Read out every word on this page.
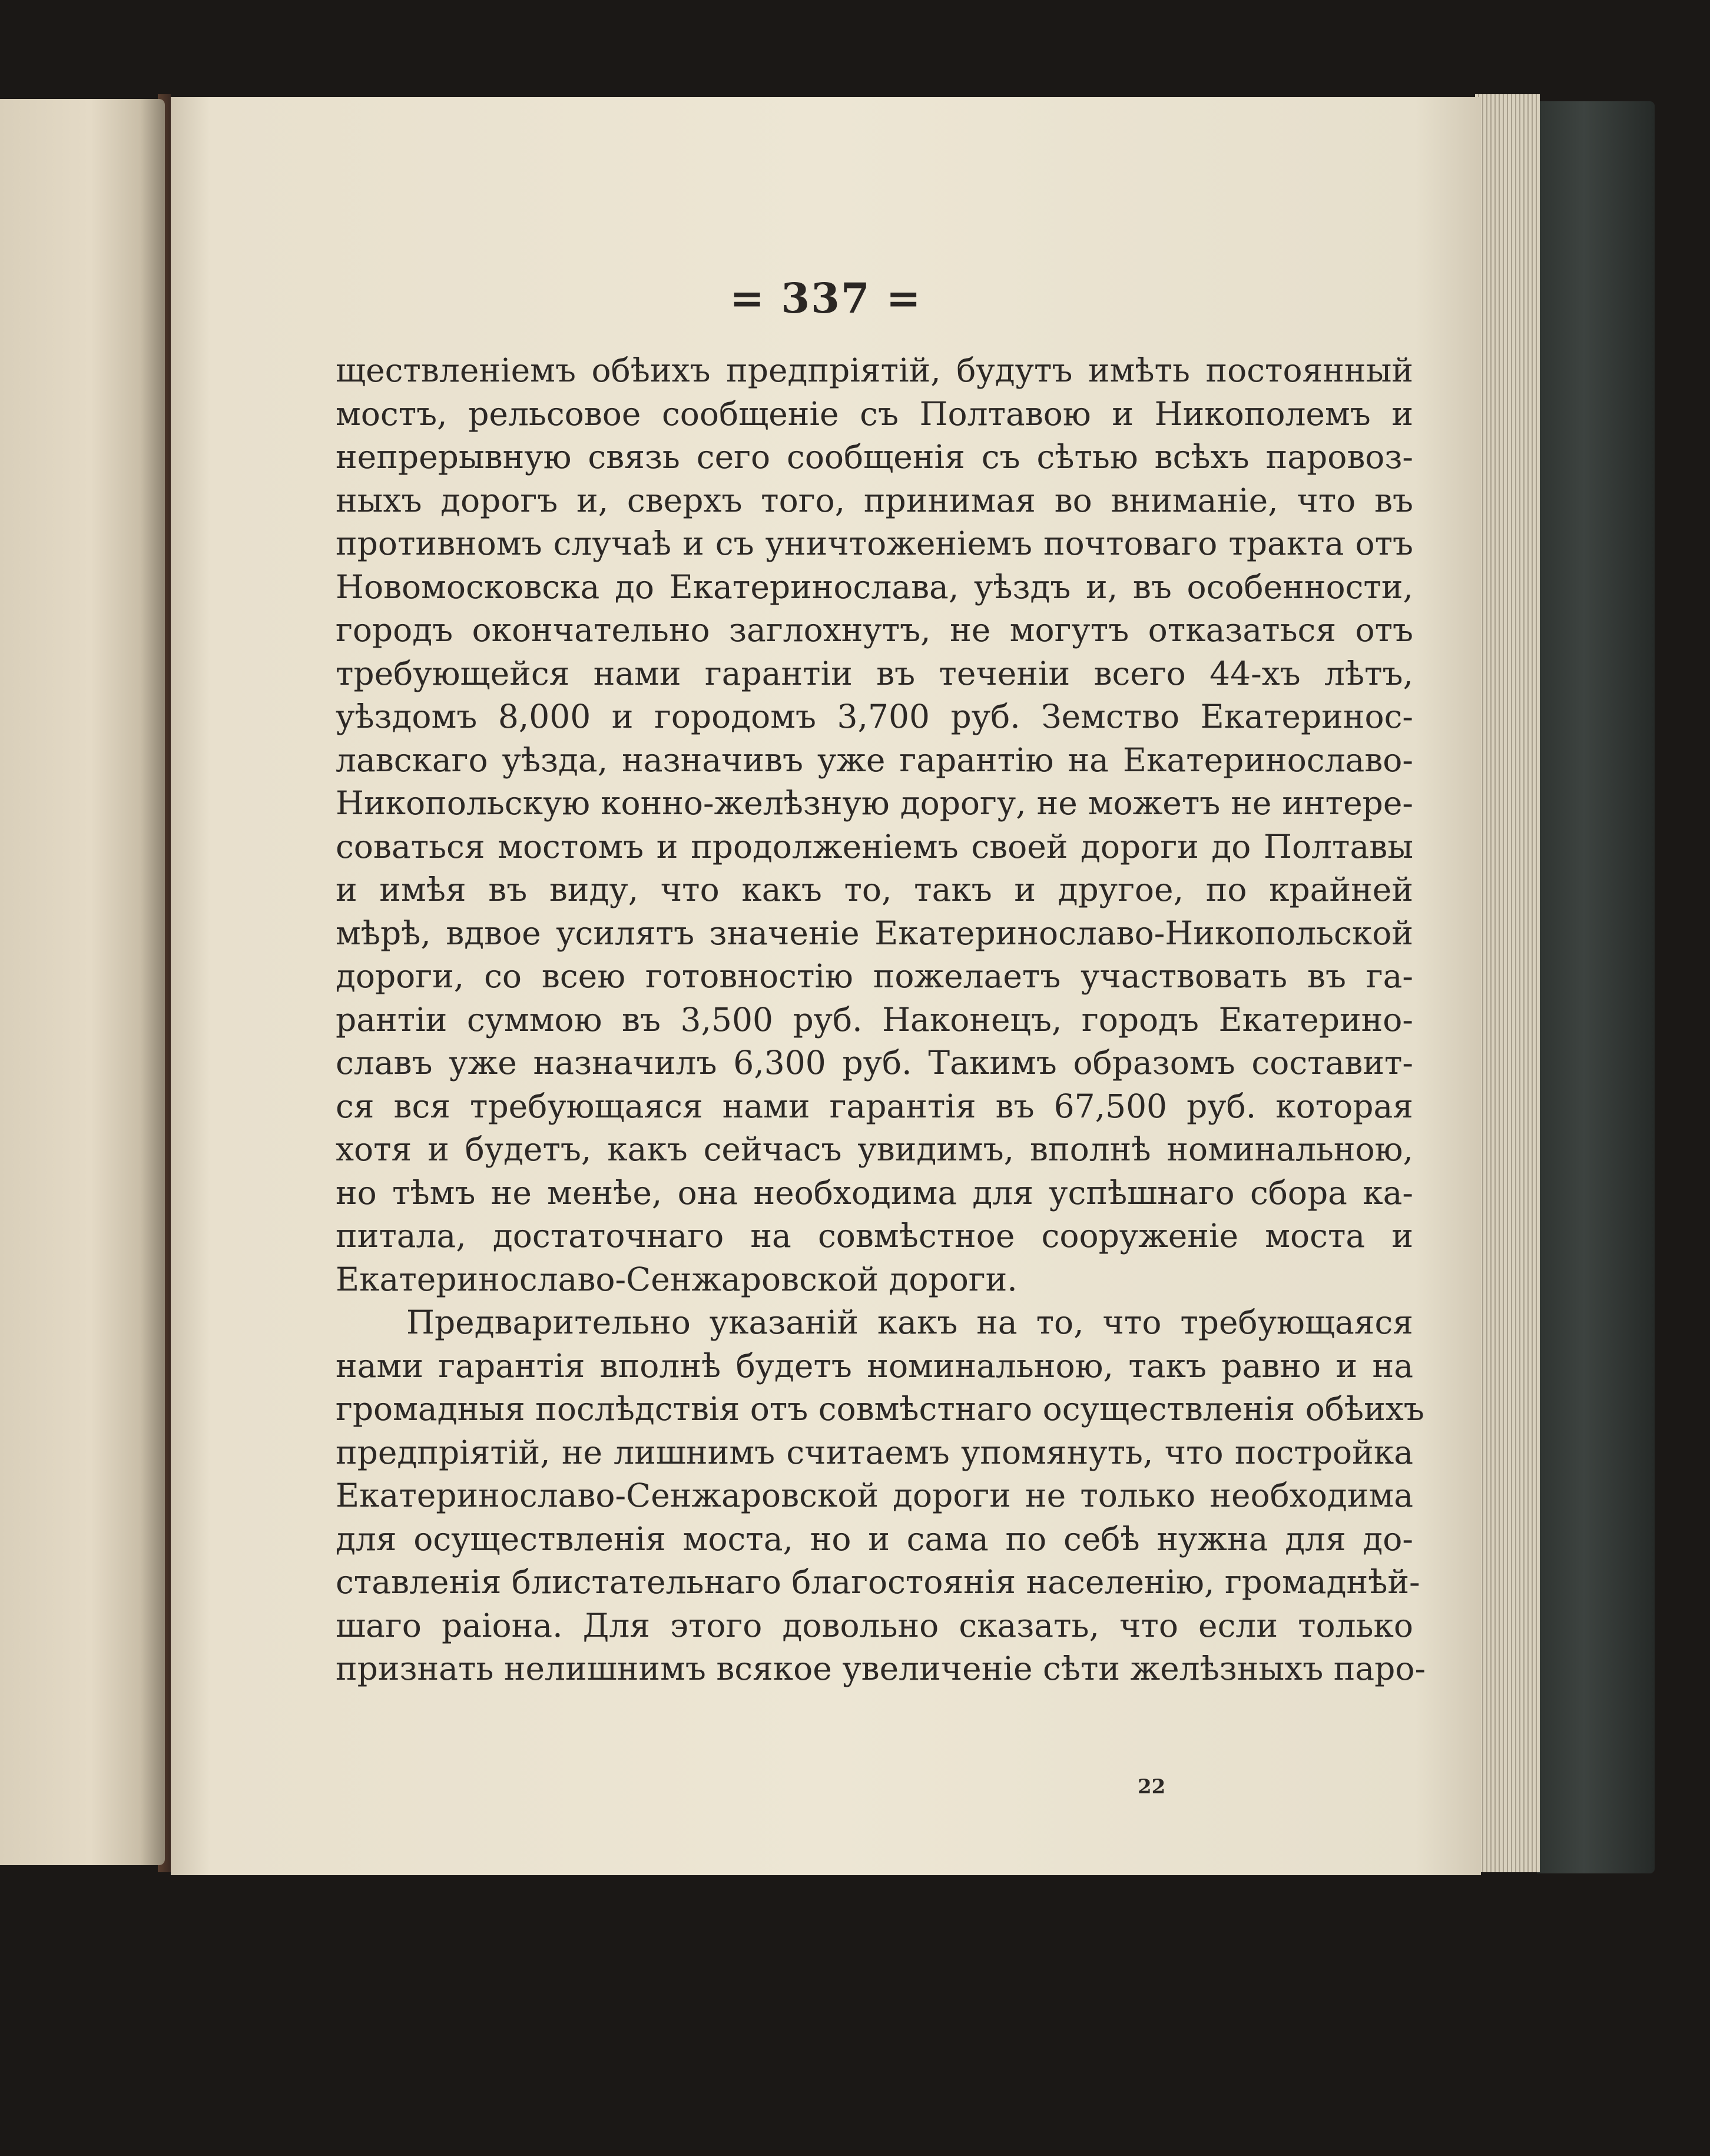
= 337 =
ществленіемъ обѣихъ предпріятій, будутъ имѣть постоянный
мостъ, рельсовое сообщеніе съ Полтавою и Никополемъ и
непрерывную связь сего сообщенія съ сѣтью всѣхъ паровоз-
ныхъ дорогъ и, сверхъ того, принимая во вниманіе, что въ
противномъ случаѣ и съ уничтоженіемъ почтоваго тракта отъ
Новомосковска до Екатеринослава, уѣздъ и, въ особенности,
городъ окончательно заглохнутъ, не могутъ отказаться отъ
требующейся нами гарантіи въ теченіи всего 44-хъ лѣтъ,
уѣздомъ 8,000 и городомъ 3,700 руб. Земство Екатеринос-
лавскаго уѣзда, назначивъ уже гарантію на Екатеринославо-
Никопольскую конно-желѣзную дорогу, не можетъ не интере-
соваться мостомъ и продолженіемъ своей дороги до Полтавы
и имѣя въ виду, что какъ то, такъ и другое, по крайней
мѣрѣ, вдвое усилятъ значеніе Екатеринославо-Никопольской
дороги, со всею готовностію пожелаетъ участвовать въ га-
рантіи суммою въ 3,500 руб. Наконецъ, городъ Екатерино-
славъ уже назначилъ 6,300 руб. Такимъ образомъ составит-
ся вся требующаяся нами гарантія въ 67,500 руб. которая
хотя и будетъ, какъ сейчасъ увидимъ, вполнѣ номинальною,
но тѣмъ не менѣе, она необходима для успѣшнаго сбора ка-
питала, достаточнаго на совмѣстное сооруженіе моста и
Екатеринославо-Сенжаровской дороги.
Предварительно указаній какъ на то, что требующаяся
нами гарантія вполнѣ будетъ номинальною, такъ равно и на
громадныя послѣдствія отъ совмѣстнаго осуществленія обѣихъ
предпріятій, не лишнимъ считаемъ упомянуть, что постройка
Екатеринославо-Сенжаровской дороги не только необходима
для осуществленія моста, но и сама по себѣ нужна для до-
ставленія блистательнаго благостоянія населенію, громаднѣй-
шаго раіона. Для этого довольно сказать, что если только
признать нелишнимъ всякое увеличеніе сѣти желѣзныхъ паро-
22
